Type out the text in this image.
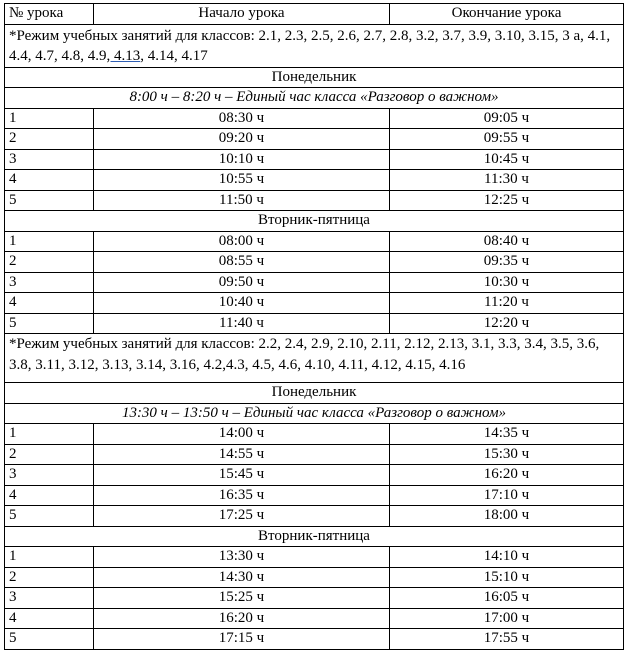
№ урока	Начало урока	Окончание урока
*Режим учебных занятий для классов: 2.1, 2.3, 2.5, 2.6, 2.7, 2.8, 3.2, 3.7, 3.9, 3.10, 3.15, 3 а, 4.1, 4.4, 4.7, 4.8, 4.9, 4.13, 4.14, 4.17		
Понедельник		
8:00 ч – 8:20 ч – Единый час класса «Разговор о важном»		
1	08:30 ч	09:05 ч
2	09:20 ч	09:55 ч
3	10:10 ч	10:45 ч
4	10:55 ч	11:30 ч
5	11:50 ч	12:25 ч
Вторник-пятница		
1	08:00 ч	08:40 ч
2	08:55 ч	09:35 ч
3	09:50 ч	10:30 ч
4	10:40 ч	11:20 ч
5	11:40 ч	12:20 ч
*Режим учебных занятий для классов: 2.2, 2.4, 2.9, 2.10, 2.11, 2.12, 2.13, 3.1, 3.3, 3.4, 3.5, 3.6, 3.8, 3.11, 3.12, 3.13, 3.14, 3.16, 4.2,4.3, 4.5, 4.6, 4.10, 4.11, 4.12, 4.15, 4.16		
Понедельник		
13:30 ч – 13:50 ч – Единый час класса «Разговор о важном»		
1	14:00 ч	14:35 ч
2	14:55 ч	15:30 ч
3	15:45 ч	16:20 ч
4	16:35 ч	17:10 ч
5	17:25 ч	18:00 ч
Вторник-пятница		
1	13:30 ч	14:10 ч
2	14:30 ч	15:10 ч
3	15:25 ч	16:05 ч
4	16:20 ч	17:00 ч
5	17:15 ч	17:55 ч
